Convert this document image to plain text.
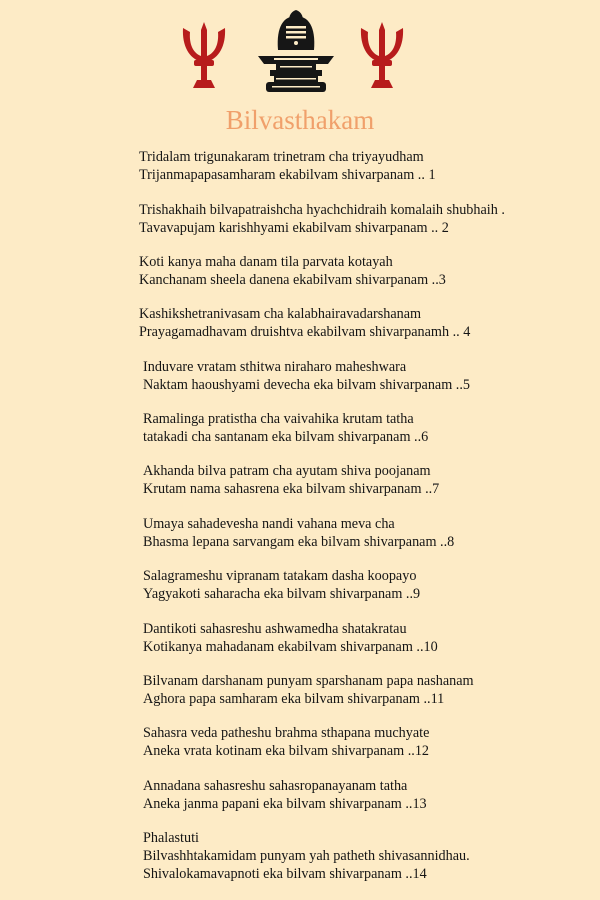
Bilvasthakam
Tridalam trigunakaram trinetram cha triyayudham
Trijanmapapasamharam ekabilvam shivarpanam .. 1
Trishakhaih bilvapatraishcha hyachchidraih komalaih shubhaih .
Tavavapujam karishhyami ekabilvam shivarpanam .. 2
Koti kanya maha danam tila parvata kotayah
Kanchanam sheela danena ekabilvam shivarpanam ..3
Kashikshetranivasam cha kalabhairavadarshanam
Prayagamadhavam druishtva ekabilvam shivarpanamh .. 4
Induvare vratam sthitwa niraharo maheshwara
Naktam haoushyami devecha eka bilvam shivarpanam ..5
Ramalinga pratistha cha vaivahika krutam tatha
tatakadi cha santanam eka bilvam shivarpanam ..6
Akhanda bilva patram cha ayutam shiva poojanam
Krutam nama sahasrena eka bilvam shivarpanam ..7
Umaya sahadevesha nandi vahana meva cha
Bhasma lepana sarvangam eka bilvam shivarpanam ..8
Salagrameshu vipranam tatakam dasha koopayo
Yagyakoti saharacha eka bilvam shivarpanam ..9
Dantikoti sahasreshu ashwamedha shatakratau
Kotikanya mahadanam ekabilvam shivarpanam ..10
Bilvanam darshanam punyam sparshanam papa nashanam
Aghora papa samharam eka bilvam shivarpanam ..11
Sahasra veda patheshu brahma sthapana muchyate
Aneka vrata kotinam eka bilvam shivarpanam ..12
Annadana sahasreshu sahasropanayanam tatha
Aneka janma papani eka bilvam shivarpanam ..13
Phalastuti
Bilvashhtakamidam punyam yah patheth shivasannidhau.
Shivalokamavapnoti eka bilvam shivarpanam ..14
